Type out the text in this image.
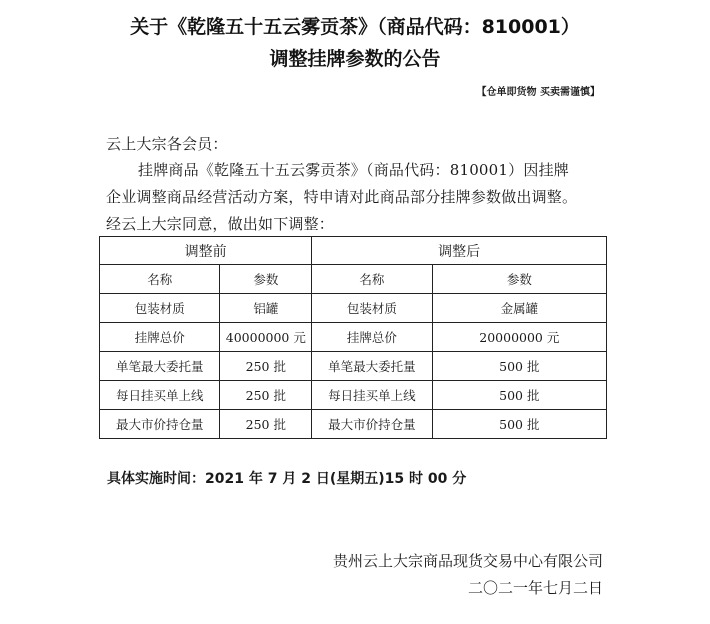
关于《乾隆五十五云雾贡茶》（商品代码：810001）
调整挂牌参数的公告
【仓单即货物 买卖需谨慎】
云上大宗各会员：
挂牌商品《乾隆五十五云雾贡茶》（商品代码：810001）因挂牌
企业调整商品经营活动方案，特申请对此商品部分挂牌参数做出调整。
经云上大宗同意，做出如下调整：
调整前		调整后	
名称	参数	名称	参数
包装材质	铝罐	包装材质	金属罐
挂牌总价	40000000 元	挂牌总价	20000000 元
单笔最大委托量	250 批	单笔最大委托量	500 批
每日挂买单上线	250 批	每日挂买单上线	500 批
最大市价持仓量	250 批	最大市价持仓量	500 批
具体实施时间：2021 年 7 月 2 日(星期五)15 时 00 分
贵州云上大宗商品现货交易中心有限公司
二〇二一年七月二日
